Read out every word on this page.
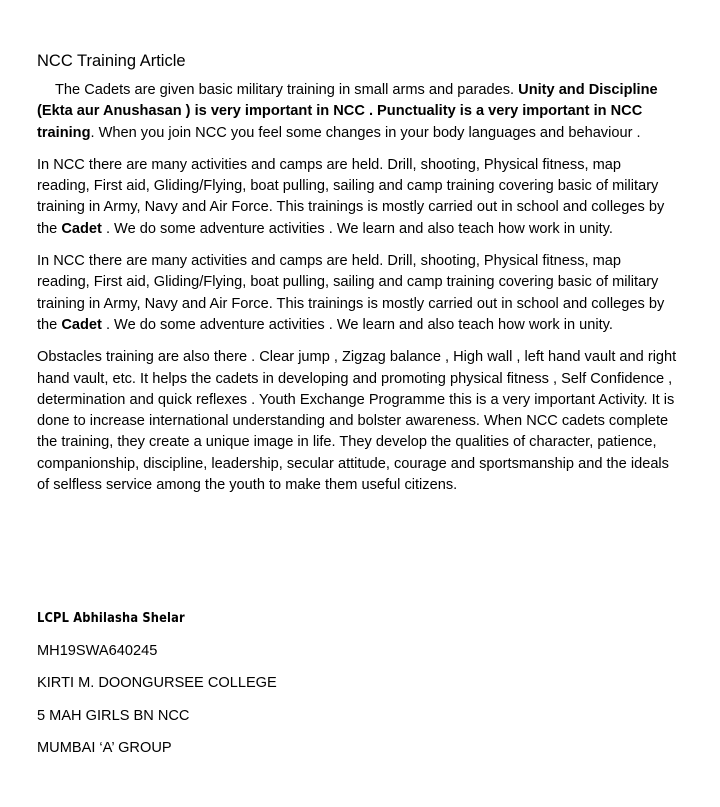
NCC Training Article

The Cadets are given basic military training in small arms and parades. Unity and Discipline (Ekta aur Anushasan ) is very important in NCC . Punctuality is a very important in NCC training. When you join NCC you feel some changes in your body languages and behaviour .

In NCC there are many activities and camps are held. Drill, shooting, Physical fitness, map reading, First aid, Gliding/Flying, boat pulling, sailing and camp training covering basic of military training in Army, Navy and Air Force. This trainings is mostly carried out in school and colleges by the Cadet . We do some adventure activities . We learn and also teach how work in unity.

In NCC there are many activities and camps are held. Drill, shooting, Physical fitness, map reading, First aid, Gliding/Flying, boat pulling, sailing and camp training covering basic of military training in Army, Navy and Air Force. This trainings is mostly carried out in school and colleges by the Cadet . We do some adventure activities . We learn and also teach how work in unity.

Obstacles training are also there . Clear jump , Zigzag balance , High wall , left hand vault and right hand vault, etc. It helps the cadets in developing and promoting physical fitness , Self Confidence , determination and quick reflexes . Youth Exchange Programme this is a very important Activity. It is done to increase international understanding and bolster awareness. When NCC cadets complete the training, they create a unique image in life. They develop the qualities of character, patience, companionship, discipline, leadership, secular attitude, courage and sportsmanship and the ideals of selfless service among the youth to make them useful citizens.

LCPL Abhilasha Shelar

MH19SWA640245

KIRTI M. DOONGURSEE COLLEGE

5 MAH GIRLS BN NCC

MUMBAI ‘A’ GROUP
